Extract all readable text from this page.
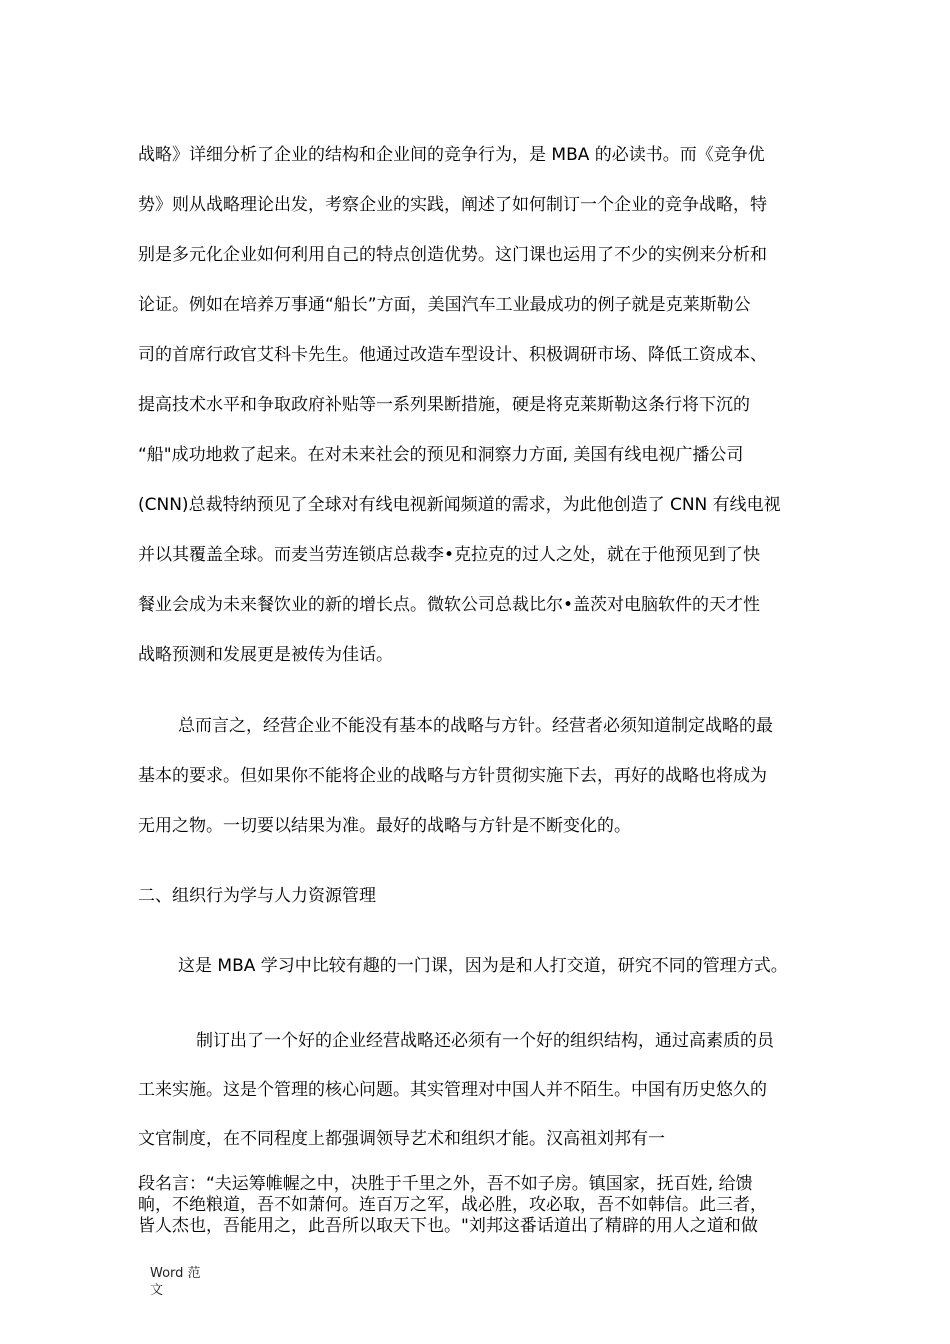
战略》详细分析了企业的结构和企业间的竞争行为，是 MBA 的必读书。而《竞争优
势》则从战略理论出发，考察企业的实践，阐述了如何制订一个企业的竞争战略，特
别是多元化企业如何利用自己的特点创造优势。这门课也运用了不少的实例来分析和
论证。例如在培养万事通“船长”方面，美国汽车工业最成功的例子就是克莱斯勒公
司的首席行政官艾科卡先生。他通过改造车型设计、积极调研市场、降低工资成本、
提高技术水平和争取政府补贴等一系列果断措施，硬是将克莱斯勒这条行将下沉的
“船"成功地救了起来。在对未来社会的预见和洞察力方面, 美国有线电视广播公司
(CNN)总裁特纳预见了全球对有线电视新闻频道的需求，为此他创造了 CNN 有线电视
并以其覆盖全球。而麦当劳连锁店总裁李•克拉克的过人之处，就在于他预见到了快
餐业会成为未来餐饮业的新的增长点。微软公司总裁比尔•盖茨对电脑软件的天才性
战略预测和发展更是被传为佳话。
总而言之，经营企业不能没有基本的战略与方针。经营者必须知道制定战略的最
基本的要求。但如果你不能将企业的战略与方针贯彻实施下去，再好的战略也将成为
无用之物。一切要以结果为准。最好的战略与方针是不断变化的。
二、组织行为学与人力资源管理
这是 MBA 学习中比较有趣的一门课，因为是和人打交道，研究不同的管理方式。
制订出了一个好的企业经营战略还必须有一个好的组织结构，通过高素质的员
工来实施。这是个管理的核心问题。其实管理对中国人并不陌生。中国有历史悠久的
文官制度，在不同程度上都强调领导艺术和组织才能。汉高祖刘邦有一
段名言：“夫运筹帷幄之中，决胜于千里之外，吾不如子房。镇国家，抚百姓, 给馈
晌，不绝粮道，吾不如萧何。连百万之军，战必胜，攻必取，吾不如韩信。此三者，
皆人杰也，吾能用之，此吾所以取天下也。"刘邦这番话道出了精辟的用人之道和做
Word 范
文
